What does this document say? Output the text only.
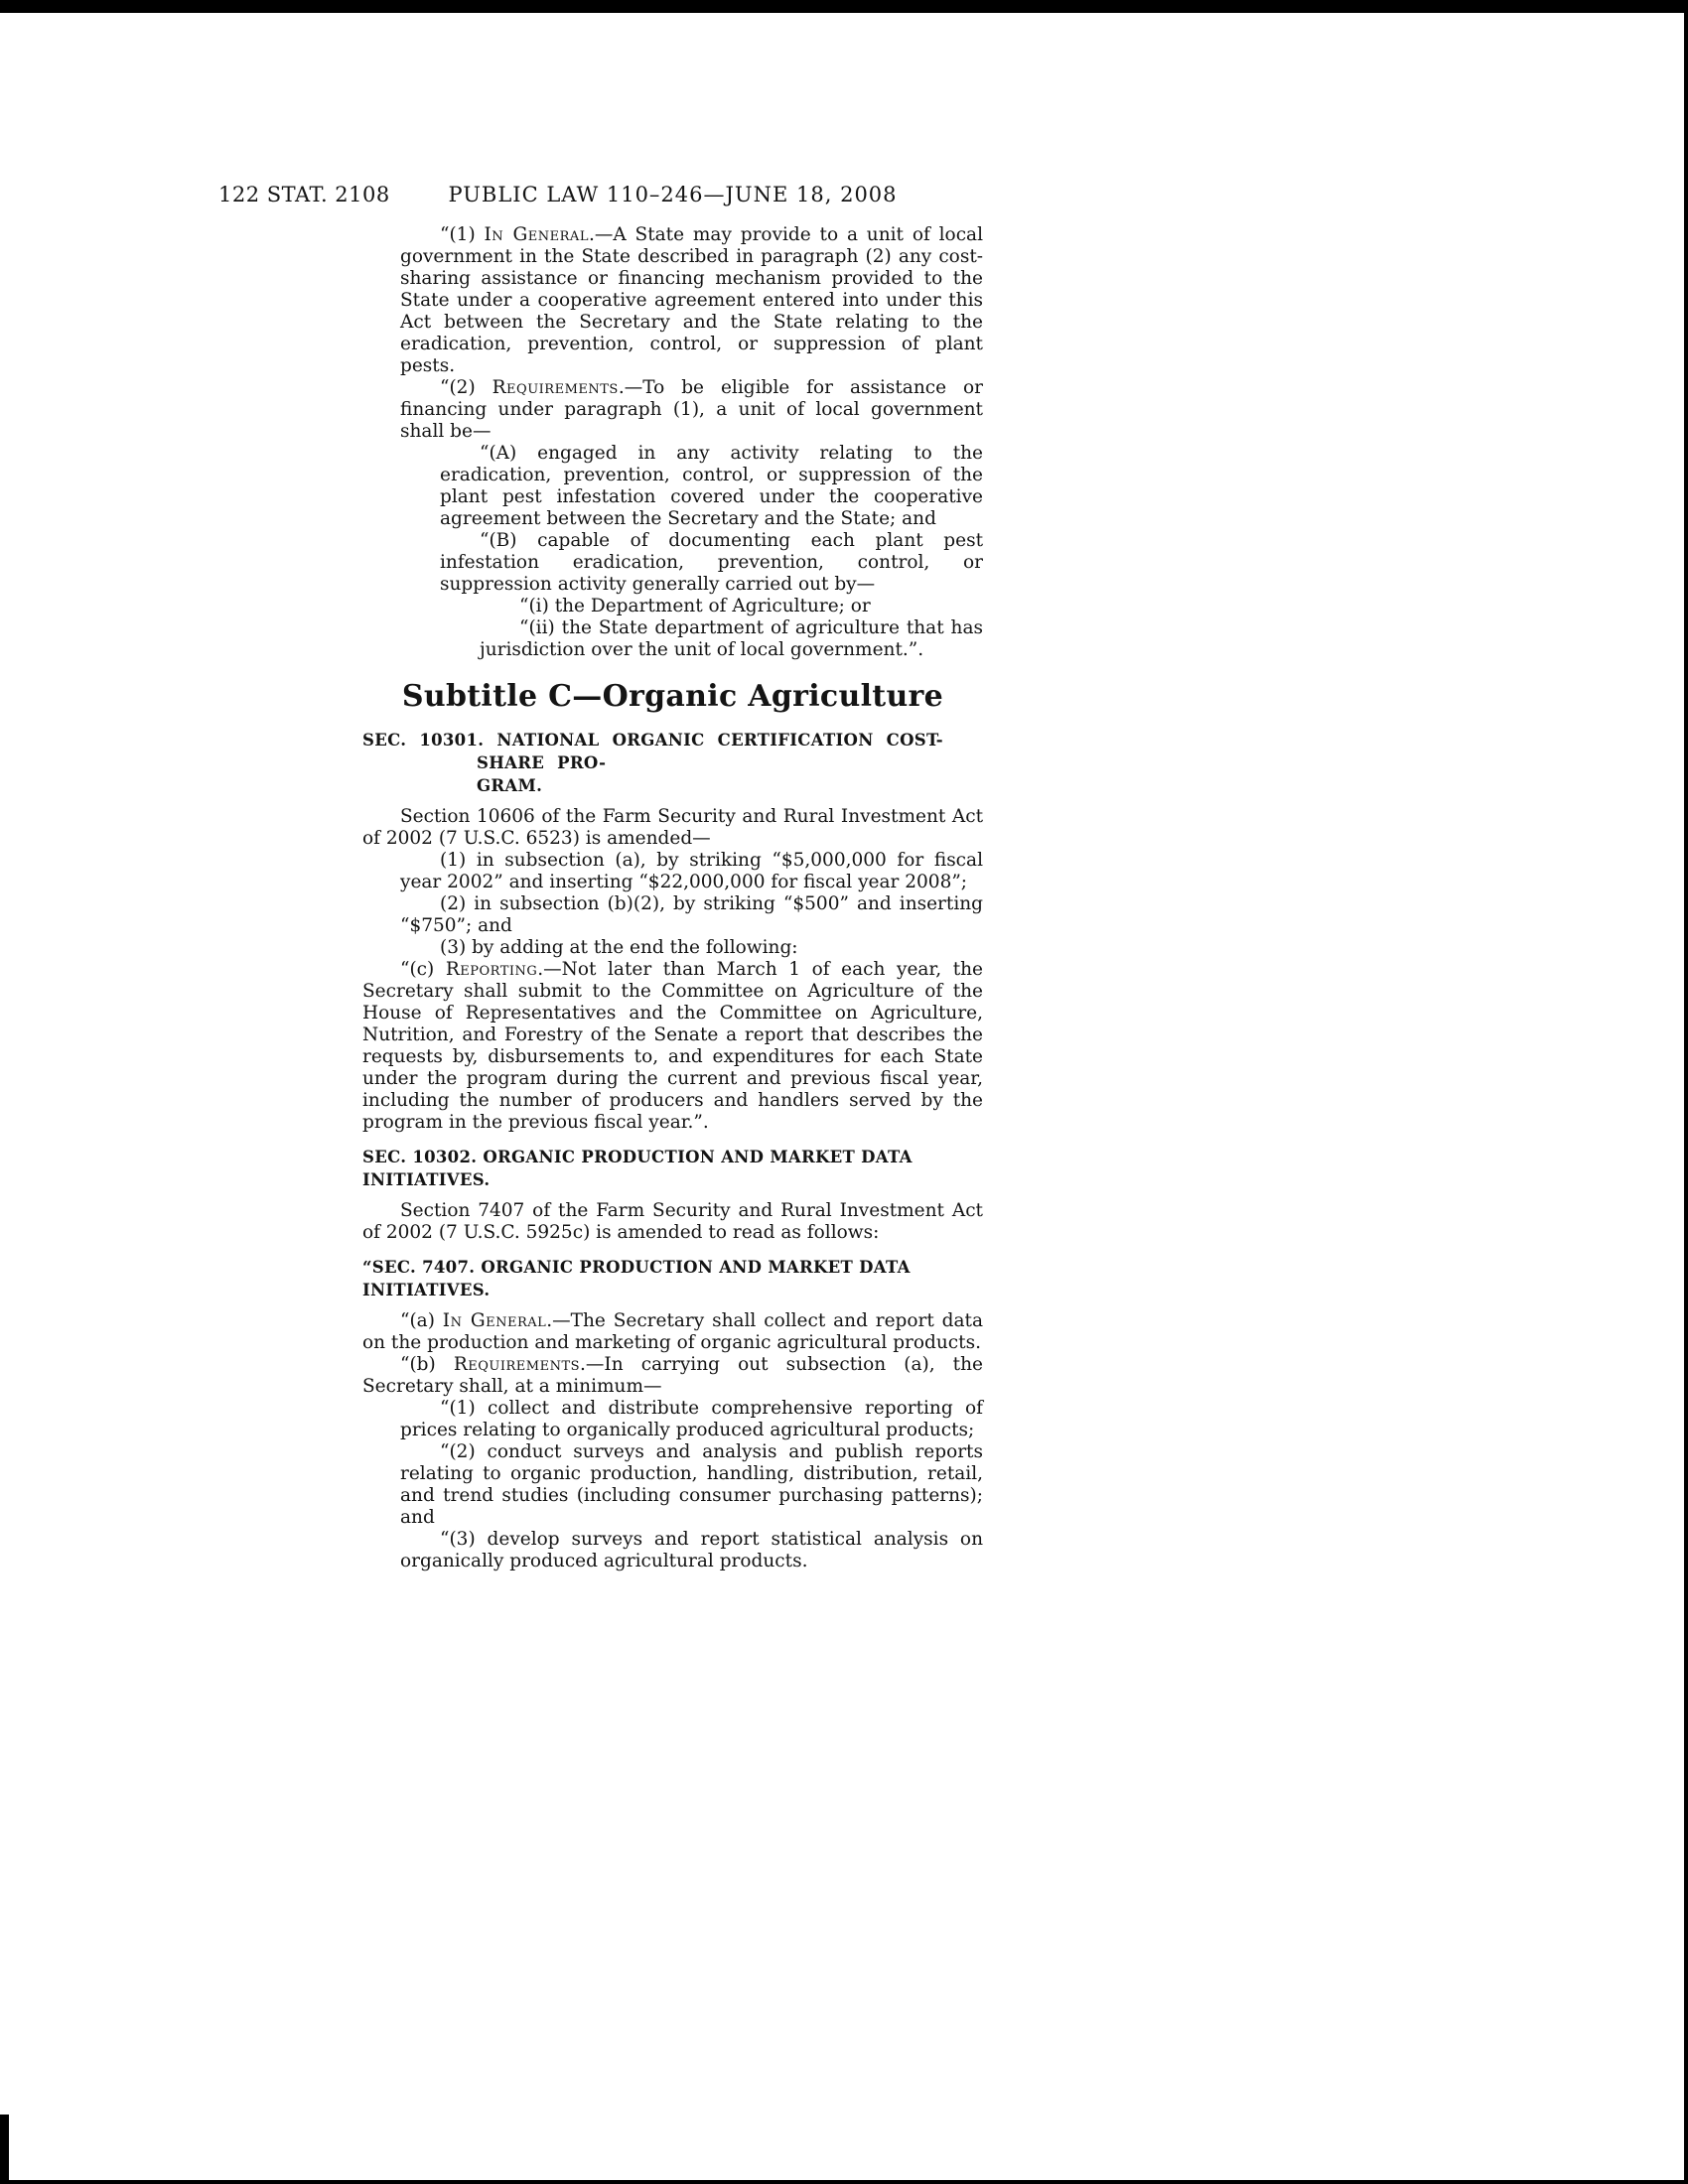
122 STAT. 2108	PUBLIC LAW 110–246—JUNE 18, 2008

“(1) In General.—A State may provide to a unit of local government in the State described in paragraph (2) any cost-sharing assistance or financing mechanism provided to the State under a cooperative agreement entered into under this Act between the Secretary and the State relating to the eradication, prevention, control, or suppression of plant pests.

“(2) Requirements.—To be eligible for assistance or financing under paragraph (1), a unit of local government shall be—

“(A) engaged in any activity relating to the eradication, prevention, control, or suppression of the plant pest infestation covered under the cooperative agreement between the Secretary and the State; and

“(B) capable of documenting each plant pest infestation eradication, prevention, control, or suppression activity generally carried out by—

“(i) the Department of Agriculture; or

“(ii) the State department of agriculture that has jurisdiction over the unit of local government.”.

Subtitle C—Organic Agriculture
SEC. 10301. NATIONAL ORGANIC CERTIFICATION COST-SHARE PRO-
GRAM.

Section 10606 of the Farm Security and Rural Investment Act of 2002 (7 U.S.C. 6523) is amended—

(1) in subsection (a), by striking “$5,000,000 for fiscal year 2002” and inserting “$22,000,000 for fiscal year 2008”;

(2) in subsection (b)(2), by striking “$500” and inserting “$750”; and

(3) by adding at the end the following:

“(c) Reporting.—Not later than March 1 of each year, the Secretary shall submit to the Committee on Agriculture of the House of Representatives and the Committee on Agriculture, Nutrition, and Forestry of the Senate a report that describes the requests by, disbursements to, and expenditures for each State under the program during the current and previous fiscal year, including the number of producers and handlers served by the program in the previous fiscal year.”.

SEC. 10302. ORGANIC PRODUCTION AND MARKET DATA INITIATIVES.

Section 7407 of the Farm Security and Rural Investment Act of 2002 (7 U.S.C. 5925c) is amended to read as follows:

“SEC. 7407. ORGANIC PRODUCTION AND MARKET DATA INITIATIVES.

“(a) In General.—The Secretary shall collect and report data on the production and marketing of organic agricultural products.

“(b) Requirements.—In carrying out subsection (a), the Secretary shall, at a minimum—

“(1) collect and distribute comprehensive reporting of prices relating to organically produced agricultural products;

“(2) conduct surveys and analysis and publish reports relating to organic production, handling, distribution, retail, and trend studies (including consumer purchasing patterns); and

“(3) develop surveys and report statistical analysis on organically produced agricultural products.
